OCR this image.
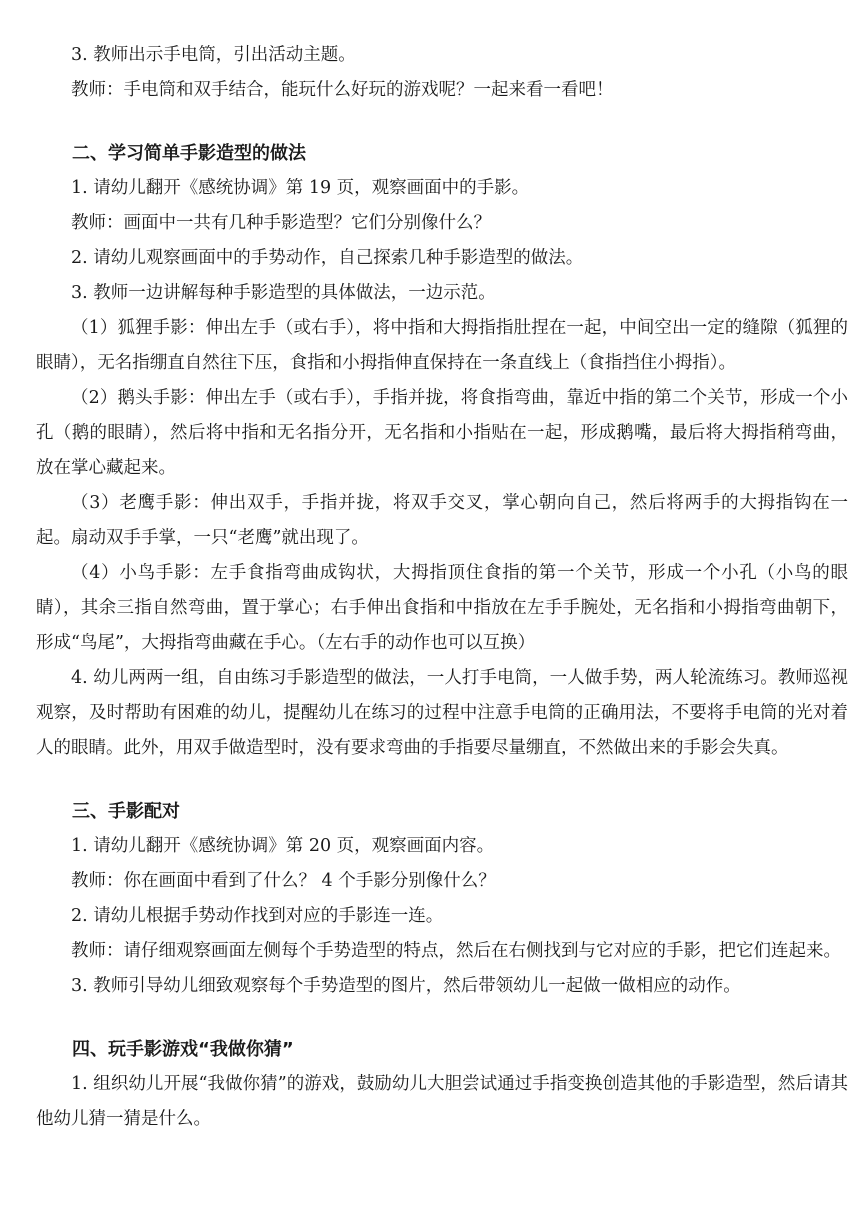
3. 教师出示手电筒，引出活动主题。

教师：手电筒和双手结合，能玩什么好玩的游戏呢？一起来看一看吧！

二、学习简单手影造型的做法

1. 请幼儿翻开《感统协调》第 19 页，观察画面中的手影。

教师：画面中一共有几种手影造型？它们分别像什么？

2. 请幼儿观察画面中的手势动作，自己探索几种手影造型的做法。

3. 教师一边讲解每种手影造型的具体做法，一边示范。

（1）狐狸手影：伸出左手（或右手），将中指和大拇指指肚捏在一起，中间空出一定的缝隙（狐狸的眼睛），无名指绷直自然往下压，食指和小拇指伸直保持在一条直线上（食指挡住小拇指）。

（2）鹅头手影：伸出左手（或右手），手指并拢，将食指弯曲，靠近中指的第二个关节，形成一个小孔（鹅的眼睛），然后将中指和无名指分开，无名指和小指贴在一起，形成鹅嘴，最后将大拇指稍弯曲，放在掌心藏起来。

（3）老鹰手影：伸出双手，手指并拢，将双手交叉，掌心朝向自己，然后将两手的大拇指钩在一起。扇动双手手掌，一只“老鹰”就出现了。

（4）小鸟手影：左手食指弯曲成钩状，大拇指顶住食指的第一个关节，形成一个小孔（小鸟的眼睛），其余三指自然弯曲，置于掌心；右手伸出食指和中指放在左手手腕处，无名指和小拇指弯曲朝下，形成“鸟尾”，大拇指弯曲藏在手心。（左右手的动作也可以互换）

4. 幼儿两两一组，自由练习手影造型的做法，一人打手电筒，一人做手势，两人轮流练习。教师巡视观察，及时帮助有困难的幼儿，提醒幼儿在练习的过程中注意手电筒的正确用法，不要将手电筒的光对着人的眼睛。此外，用双手做造型时，没有要求弯曲的手指要尽量绷直，不然做出来的手影会失真。

三、手影配对

1. 请幼儿翻开《感统协调》第 20 页，观察画面内容。

教师：你在画面中看到了什么？ 4 个手影分别像什么？

2. 请幼儿根据手势动作找到对应的手影连一连。

教师：请仔细观察画面左侧每个手势造型的特点，然后在右侧找到与它对应的手影，把它们连起来。

3. 教师引导幼儿细致观察每个手势造型的图片，然后带领幼儿一起做一做相应的动作。

四、玩手影游戏“我做你猜”

1. 组织幼儿开展“我做你猜”的游戏，鼓励幼儿大胆尝试通过手指变换创造其他的手影造型，然后请其他幼儿猜一猜是什么。
